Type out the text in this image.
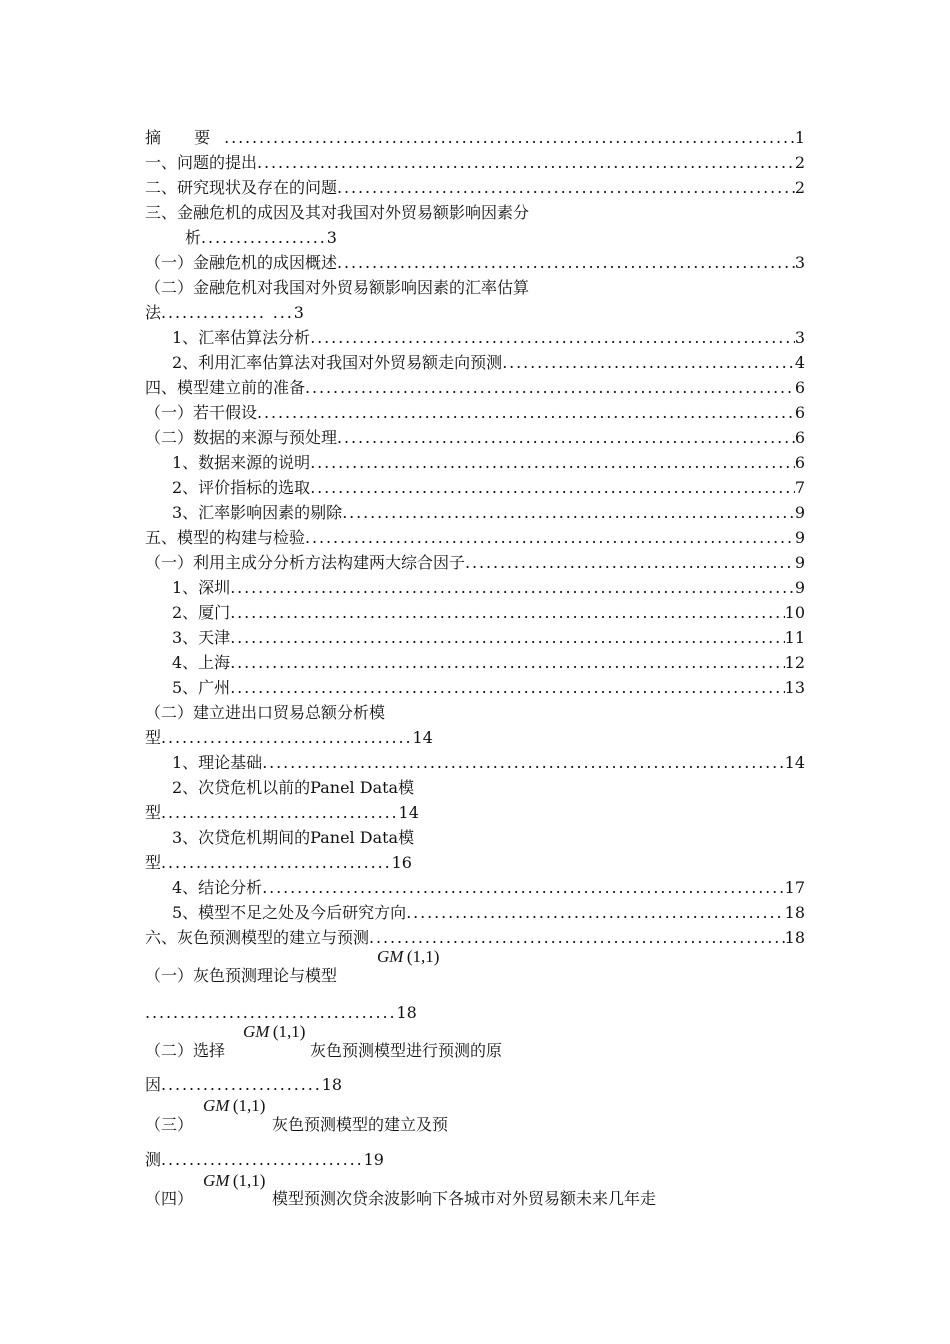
摘 要 .....	1
一、问题的提出 .....	2
二、研究现状及存在的问题 .....	2
三、金融危机的成因及其对我国对外贸易额影响因素分
析..................3
（一）金融危机的成因概述 .....	3
（二）金融危机对我国对外贸易额影响因素的汇率估算
法............... ...3
1、汇率估算法分析 .....	3
2、利用汇率估算法对我国对外贸易额走向预测 .....	4
四、模型建立前的准备 .....	6
（一）若干假设 .....	6
（二）数据的来源与预处理 .....	6
1、数据来源的说明 .....	6
2、评价指标的选取 .....	7
3、汇率影响因素的剔除 .....	9
五、模型的构建与检验 .....	9
（一）利用主成分分析方法构建两大综合因子 .....	9
1、深圳 .....	9
2、厦门 .....	10
3、天津 .....	11
4、上海 .....	12
5、广州 .....	13
（二）建立进出口贸易总额分析模
型....................................14
1、理论基础 .....	14
2、次贷危机以前的Panel Data模
型..................................14
3、次贷危机期间的Panel Data模
型.................................16
4、结论分析 .....	17
5、模型不足之处及今后研究方向 .....	18
六、灰色预测模型的建立与预测 .....	18
GM (1,1)
（一）灰色预测理论与模型
....................................18
GM (1,1)
（二）选择	灰色预测模型进行预测的原
因.......................18
GM (1,1)
（三）	灰色预测模型的建立及预
测.............................19
GM (1,1)
（四）	模型预测次贷余波影响下各城市对外贸易额未来几年走
